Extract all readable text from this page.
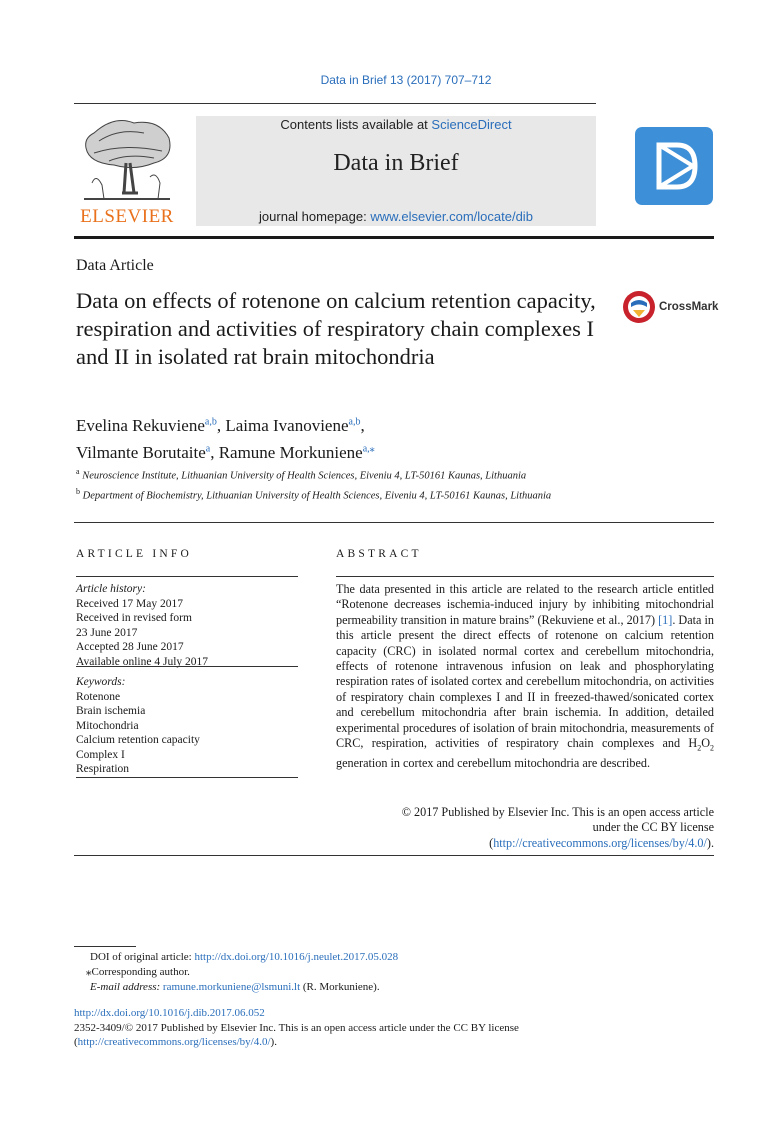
Data in Brief 13 (2017) 707–712
ELSEVIER
Contents lists available at ScienceDirect
Data in Brief
journal homepage: www.elsevier.com/locate/dib
Data Article
Data on effects of rotenone on calcium retention capacity, respiration and activities of respiratory chain complexes I and II in isolated rat brain mitochondria
CrossMark
Evelina Rekuviene$^{a,b}$, Laima Ivanoviene$^{a,b}$,
Vilmante Borutaite$^a$, Ramune Morkuniene$^{a,⁎}$
$^a$ Neuroscience Institute, Lithuanian University of Health Sciences, Eiveniu 4, LT-50161 Kaunas, Lithuania
$^b$ Department of Biochemistry, Lithuanian University of Health Sciences, Eiveniu 4, LT-50161 Kaunas, Lithuania
ARTICLE INFO
Article history:
Received 17 May 2017
Received in revised form
23 June 2017
Accepted 28 June 2017
Available online 4 July 2017
Keywords:
Rotenone
Brain ischemia
Mitochondria
Calcium retention capacity
Complex I
Respiration
ABSTRACT
The data presented in this article are related to the research article entitled “Rotenone decreases ischemia-induced injury by inhibiting mitochondrial permeability transition in mature brains” (Rekuviene et al., 2017) [1]. Data in this article present the direct effects of rotenone on calcium retention capacity (CRC) in isolated normal cortex and cerebellum mitochondria, effects of rotenone intravenous infusion on leak and phosphorylating respiration rates of isolated cortex and cerebellum mitochondria, on activities of respiratory chain complexes I and II in freezed-thawed/sonicated cortex and cerebellum mitochondria after brain ischemia. In addition, detailed experimental procedures of isolation of brain mitochondria, measurements of CRC, respiration, activities of respiratory chain complexes and $H_2O_2$ generation in cortex and cerebellum mitochondria are described.
© 2017 Published by Elsevier Inc. This is an open access article
under the CC BY license
(http://creativecommons.org/licenses/by/4.0/).
DOI of original article: http://dx.doi.org/10.1016/j.neulet.2017.05.028
⁎Corresponding author.
E-mail address: ramune.morkuniene@lsmuni.lt (R. Morkuniene).
http://dx.doi.org/10.1016/j.dib.2017.06.052
2352-3409/© 2017 Published by Elsevier Inc. This is an open access article under the CC BY license
(http://creativecommons.org/licenses/by/4.0/).
